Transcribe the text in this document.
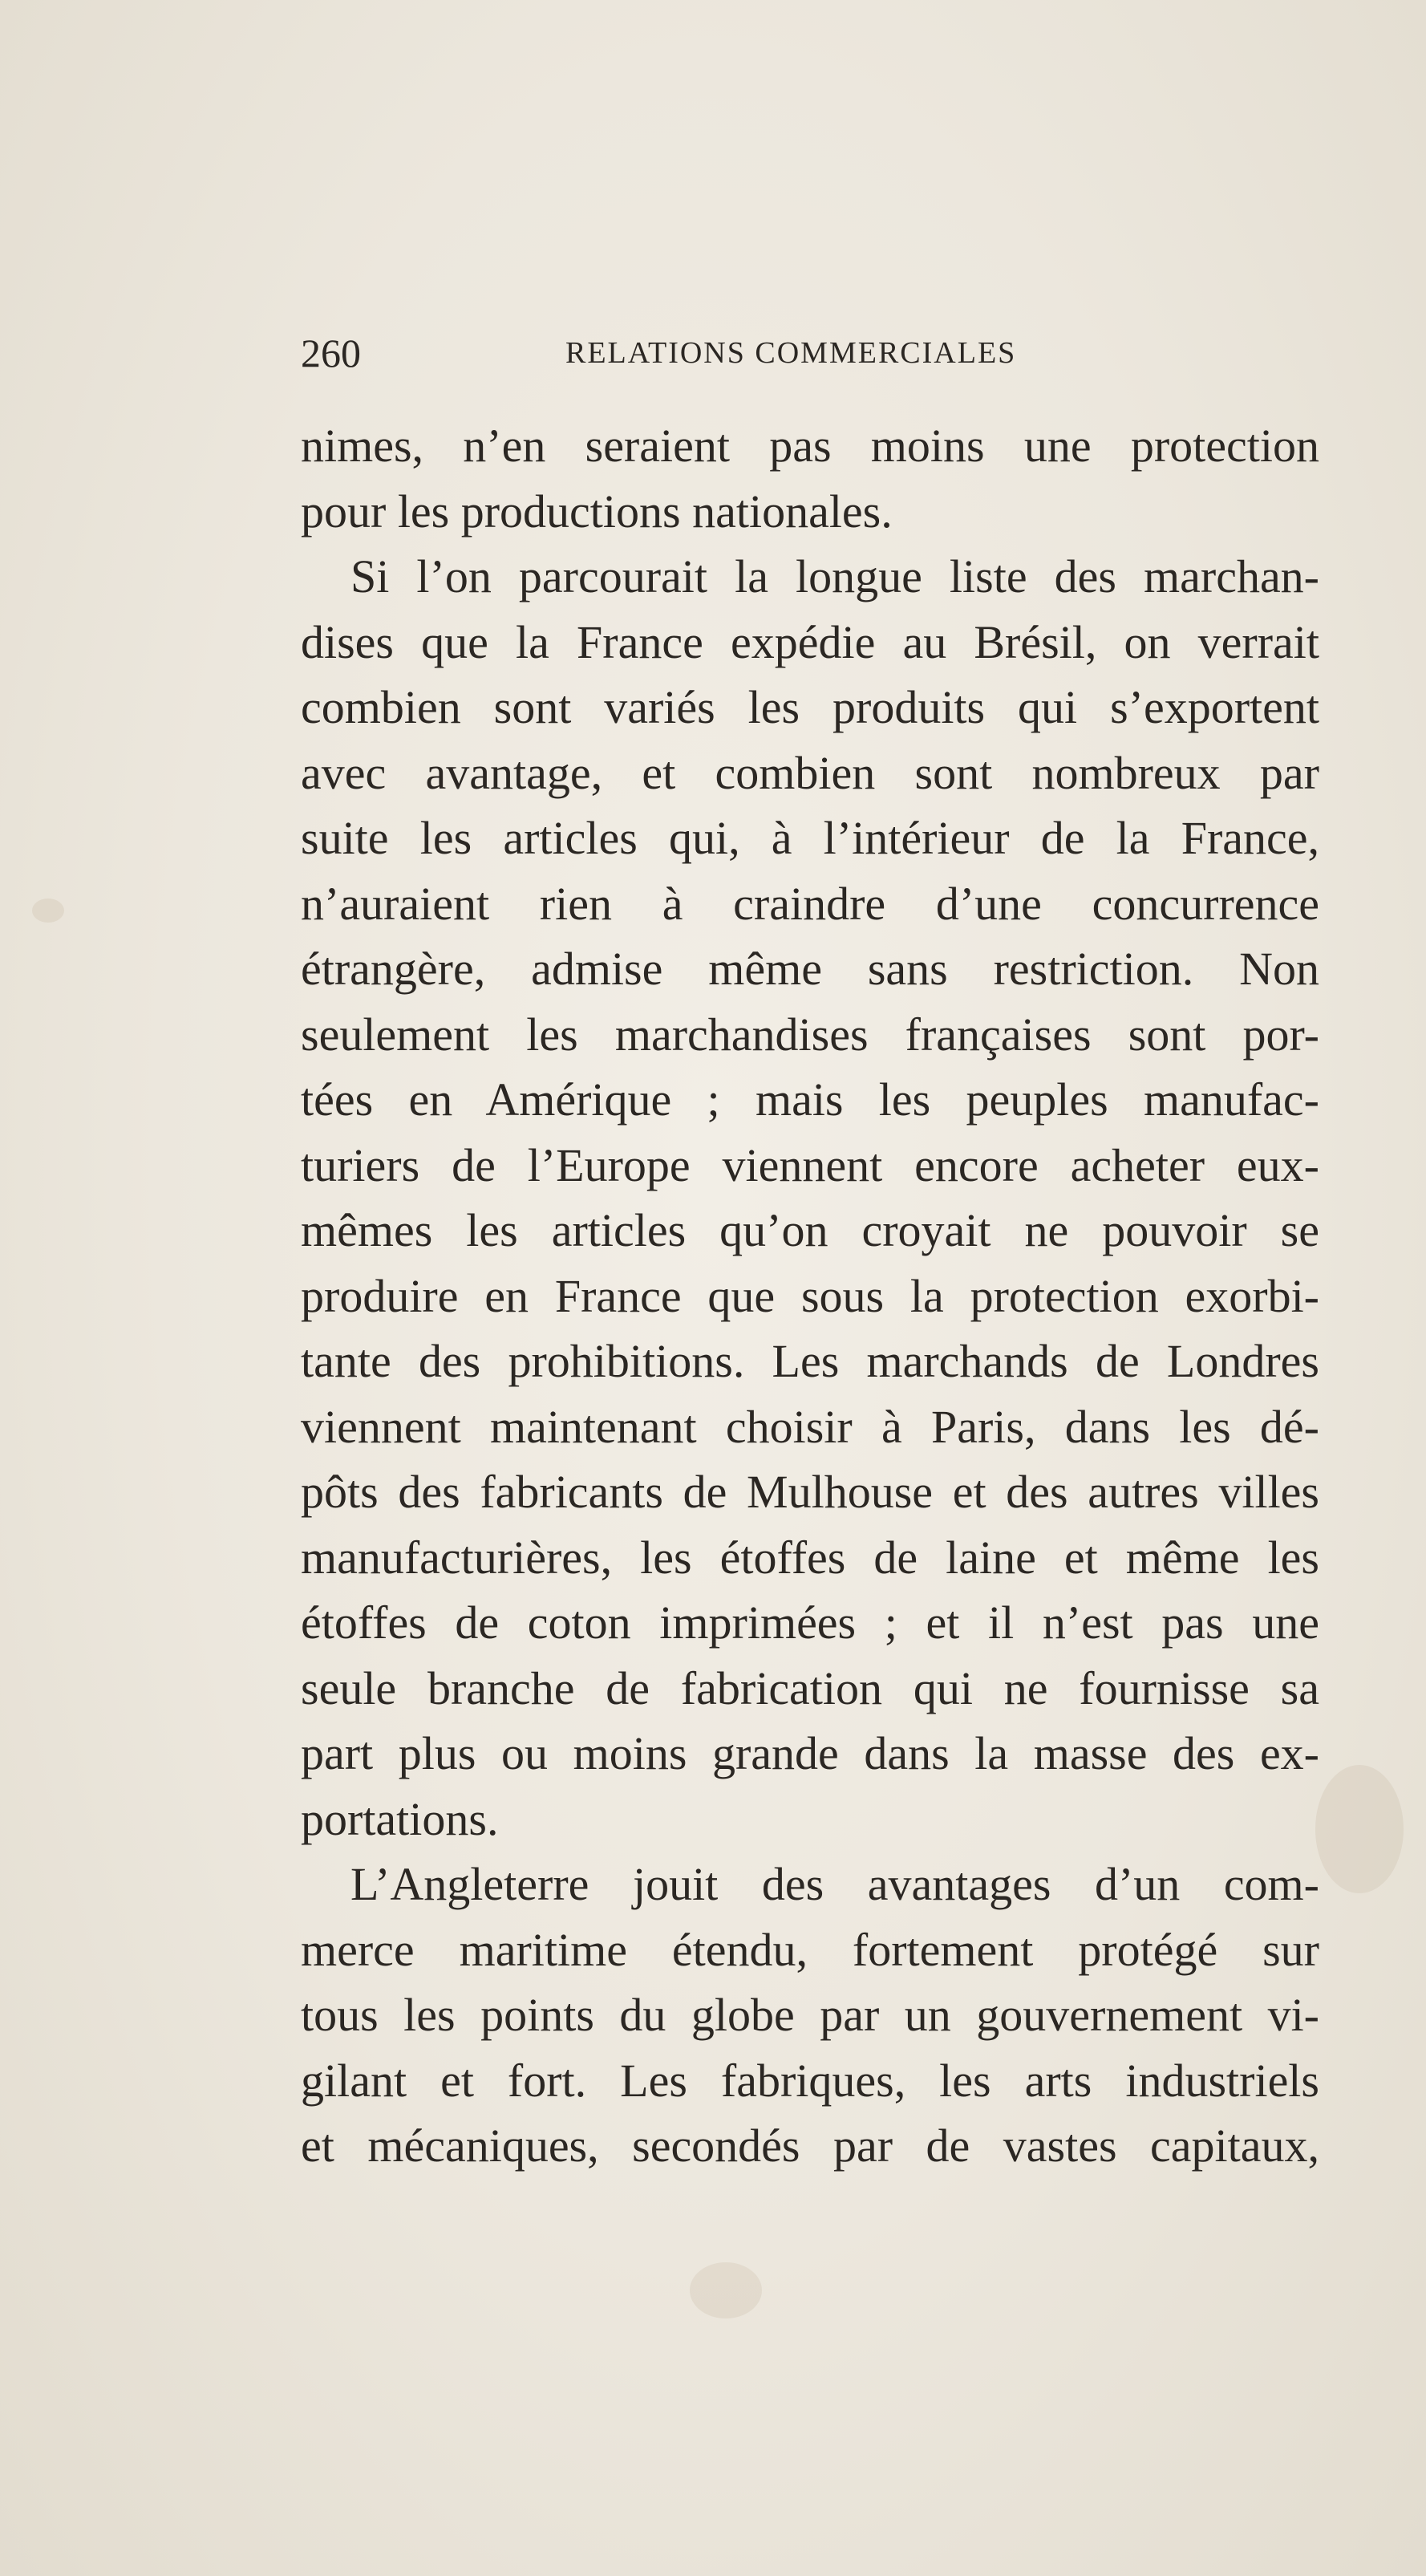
260	RELATIONS COMMERCIALES
nimes, n’en seraient pas moins une protection
pour les productions nationales.
Si l’on parcourait la longue liste des marchan-
dises que la France expédie au Brésil, on verrait
combien sont variés les produits qui s’exportent
avec avantage, et combien sont nombreux par
suite les articles qui, à l’intérieur de la France,
n’auraient rien à craindre d’une concurrence
étrangère, admise même sans restriction. Non
seulement les marchandises françaises sont por-
tées en Amérique ; mais les peuples manufac-
turiers de l’Europe viennent encore acheter eux-
mêmes les articles qu’on croyait ne pouvoir se
produire en France que sous la protection exorbi-
tante des prohibitions. Les marchands de Londres
viennent maintenant choisir à Paris, dans les dé-
pôts des fabricants de Mulhouse et des autres villes
manufacturières, les étoffes de laine et même les
étoffes de coton imprimées ; et il n’est pas une
seule branche de fabrication qui ne fournisse sa
part plus ou moins grande dans la masse des ex-
portations.
L’Angleterre jouit des avantages d’un com-
merce maritime étendu, fortement protégé sur
tous les points du globe par un gouvernement vi-
gilant et fort. Les fabriques, les arts industriels
et mécaniques, secondés par de vastes capitaux,
